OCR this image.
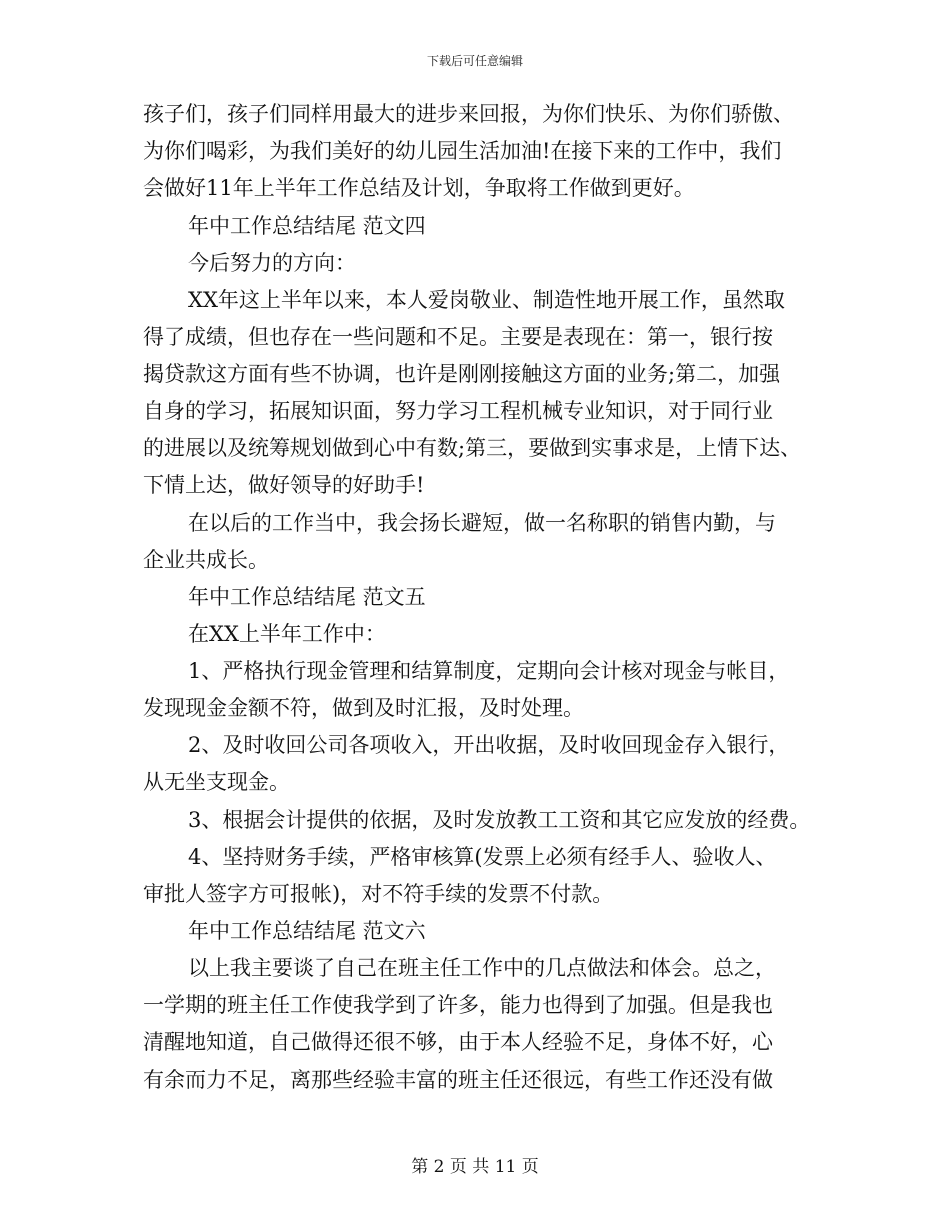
下载后可任意编辑
孩子们，孩子们同样用最大的进步来回报，为你们快乐、为你们骄傲、
为你们喝彩，为我们美好的幼儿园生活加油!在接下来的工作中，我们
会做好11年上半年工作总结及计划，争取将工作做到更好。
年中工作总结结尾 范文四
今后努力的方向：
XX年这上半年以来，本人爱岗敬业、制造性地开展工作，虽然取
得了成绩，但也存在一些问题和不足。主要是表现在：第一，银行按
揭贷款这方面有些不协调，也许是刚刚接触这方面的业务;第二，加强
自身的学习，拓展知识面，努力学习工程机械专业知识，对于同行业
的进展以及统筹规划做到心中有数;第三，要做到实事求是，上情下达、
下情上达，做好领导的好助手!
在以后的工作当中，我会扬长避短，做一名称职的销售内勤，与
企业共成长。
年中工作总结结尾 范文五
在XX上半年工作中：
1、严格执行现金管理和结算制度，定期向会计核对现金与帐目，
发现现金金额不符，做到及时汇报，及时处理。
2、及时收回公司各项收入，开出收据，及时收回现金存入银行，
从无坐支现金。
3、根据会计提供的依据，及时发放教工工资和其它应发放的经费。
4、坚持财务手续，严格审核算(发票上必须有经手人、验收人、
审批人签字方可报帐)，对不符手续的发票不付款。
年中工作总结结尾 范文六
以上我主要谈了自己在班主任工作中的几点做法和体会。总之，
一学期的班主任工作使我学到了许多，能力也得到了加强。但是我也
清醒地知道，自己做得还很不够，由于本人经验不足，身体不好，心
有余而力不足，离那些经验丰富的班主任还很远，有些工作还没有做
第 2 页 共 11 页
